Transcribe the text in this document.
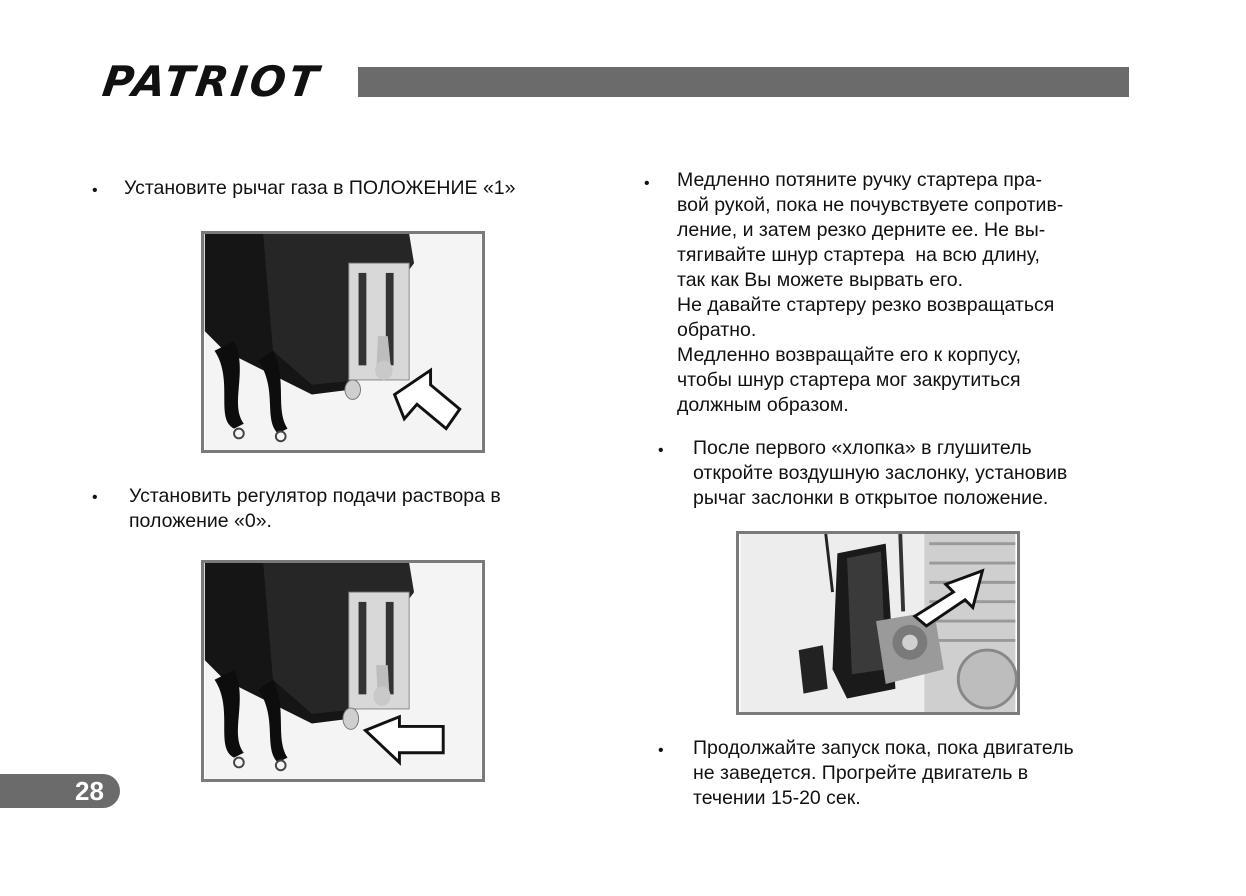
PATRIOT
• Установите рычаг газа в ПОЛОЖЕНИЕ «1»
• Установить регулятор подачи раствора в
положение «0».
• Медленно потяните ручку стартера пра-
вой рукой, пока не почувствуете сопротив-
ление, и затем резко дерните ее. Не вы-
тягивайте шнур стартера  на всю длину,
так как Вы можете вырвать его.
Не давайте стартеру резко возвращаться
обратно.
Медленно возвращайте его к корпусу,
чтобы шнур стартера мог закрутиться
должным образом.
• После первого «хлопка» в глушитель
откройте воздушную заслонку, установив
рычаг заслонки в открытое положение.
• Продолжайте запуск пока, пока двигатель
не заведется. Прогрейте двигатель в
течении 15-20 сек.
28
